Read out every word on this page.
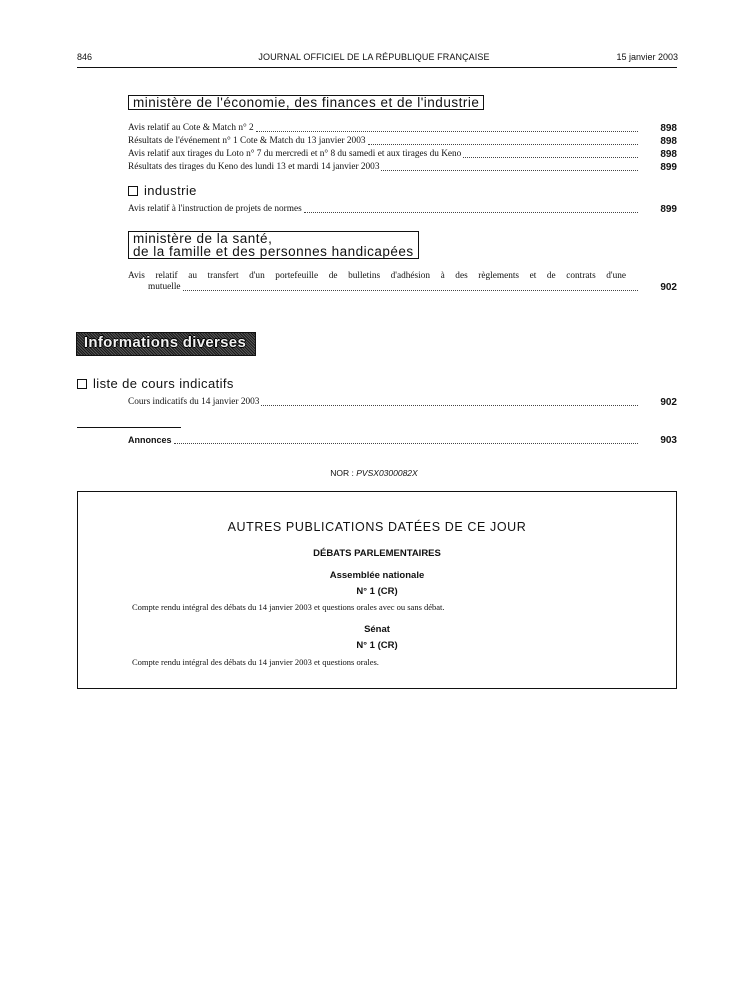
846	JOURNAL OFFICIEL DE LA RÉPUBLIQUE FRANÇAISE	15 janvier 2003
ministère de l'économie, des finances et de l'industrie
Avis relatif au Cote & Match n° 2	898
Résultats de l'événement n° 1 Cote & Match du 13 janvier 2003	898
Avis relatif aux tirages du Loto n° 7 du mercredi et n° 8 du samedi et aux tirages du Keno	898
Résultats des tirages du Keno des lundi 13 et mardi 14 janvier 2003	899
industrie
Avis relatif à l'instruction de projets de normes	899
ministère de la santé,
de la famille et des personnes handicapées
Avis relatif au transfert d'un portefeuille de bulletins d'adhésion à des règlements et de contrats d'une
mutuelle	902
Informations diverses
liste de cours indicatifs
Cours indicatifs du 14 janvier 2003	902
Annonces	903
NOR : PVSX0300082X
AUTRES PUBLICATIONS DATÉES DE CE JOUR
DÉBATS PARLEMENTAIRES
Assemblée nationale
N° 1 (CR)
Compte rendu intégral des débats du 14 janvier 2003 et questions orales avec ou sans débat.
Sénat
N° 1 (CR)
Compte rendu intégral des débats du 14 janvier 2003 et questions orales.
